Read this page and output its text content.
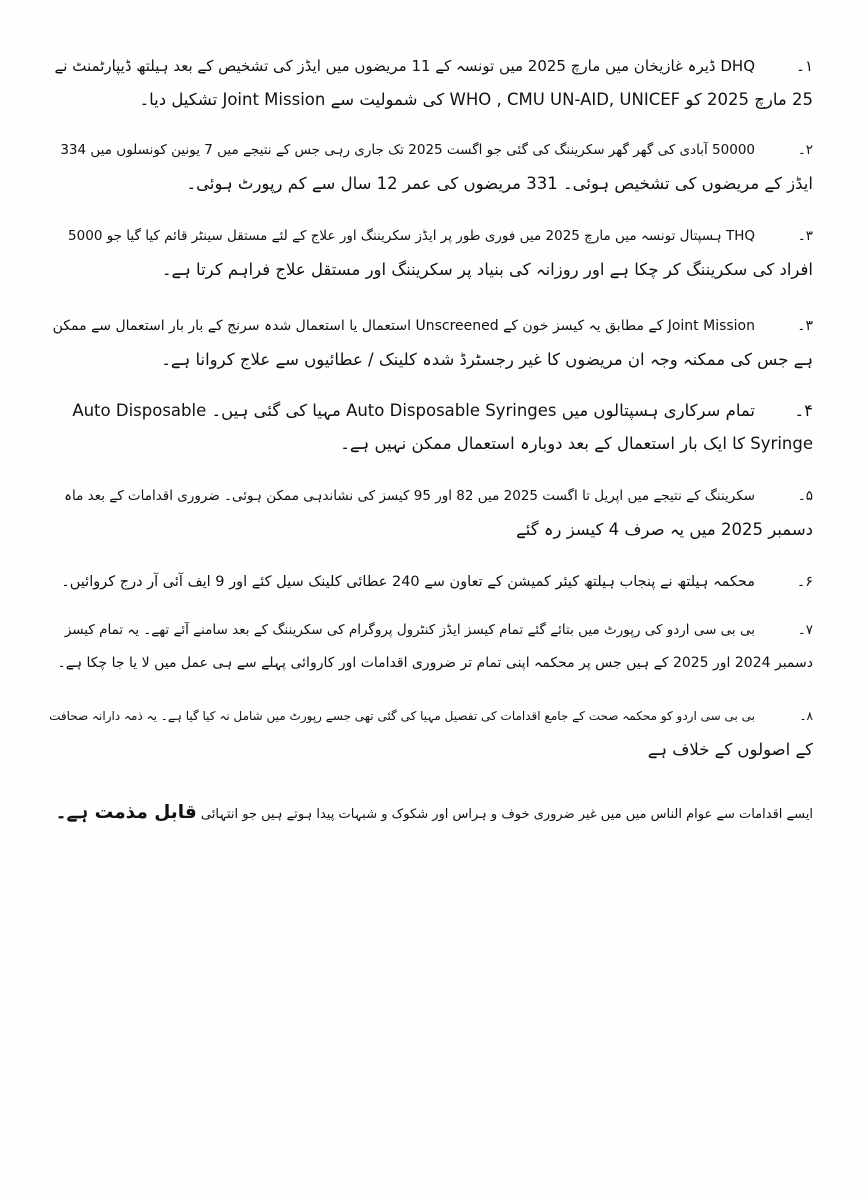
۱۔DHQ ڈیرہ غازیخان میں مارچ 2025 میں تونسہ کے 11 مریضوں میں ایڈز کی تشخیص کے بعد ہیلتھ ڈیپارٹمنٹ نے
25 مارچ 2025 کو WHO , CMU UN-AID, UNICEF کی شمولیت سے Joint Mission تشکیل دیا۔
۲۔50000 آبادی کی گھر گھر سکریننگ کی گئی جو اگست 2025 تک جاری رہی جس کے نتیجے میں 7 یونین کونسلوں میں 334
ایڈز کے مریضوں کی تشخیص ہوئی۔ 331 مریضوں کی عمر 12 سال سے کم رپورٹ ہوئی۔
۳۔THQ ہسپتال تونسہ میں مارچ 2025 میں فوری طور پر ایڈز سکریننگ اور علاج کے لئے مستقل سینٹر قائم کیا گیا جو 5000
افراد کی سکریننگ کر چکا ہے اور روزانہ کی بنیاد پر سکریننگ اور مستقل علاج فراہم کرتا ہے۔
۳۔Joint Mission کے مطابق یہ کیسز خون کے Unscreened استعمال یا استعمال شدہ سرنج کے بار بار استعمال سے ممکن
ہے جس کی ممکنہ وجہ ان مریضوں کا غیر رجسٹرڈ شدہ کلینک / عطائیوں سے علاج کروانا ہے۔
۴۔تمام سرکاری ہسپتالوں میں Auto Disposable Syringes مہیا کی گئی ہیں۔ Auto Disposable
Syringe کا ایک بار استعمال کے بعد دوبارہ استعمال ممکن نہیں ہے۔
۵۔سکریننگ کے نتیجے میں اپریل تا اگست 2025 میں 82 اور 95 کیسز کی نشاندہی ممکن ہوئی۔ ضروری اقدامات کے بعد ماہ
دسمبر 2025 میں یہ صرف 4 کیسز رہ گئے
۶۔محکمہ ہیلتھ نے پنجاب ہیلتھ کیئر کمیشن کے تعاون سے 240 عطائی کلینک سیل کئے اور 9 ایف آئی آر درج کروائیں۔
۷۔بی بی سی اردو کی رپورٹ میں بتائے گئے تمام کیسز ایڈز کنٹرول پروگرام کی سکریننگ کے بعد سامنے آئے تھے۔ یہ تمام کیسز
دسمبر 2024 اور 2025 کے ہیں جس پر محکمہ اپنی تمام تر ضروری اقدامات اور کاروائی پہلے سے ہی عمل میں لا یا جا چکا ہے۔
۸۔بی بی سی اردو کو محکمہ صحت کے جامع اقدامات کی تفصیل مہیا کی گئی تھی جسے رپورٹ میں شامل نہ کیا گیا ہے۔ یہ ذمہ دارانہ صحافت
کے اصولوں کے خلاف ہے
ایسے اقدامات سے عوام الناس میں میں غیر ضروری خوف و ہراس اور شکوک و شبہات پیدا ہوتے ہیں جو انتہائی قابل مذمت ہے۔
